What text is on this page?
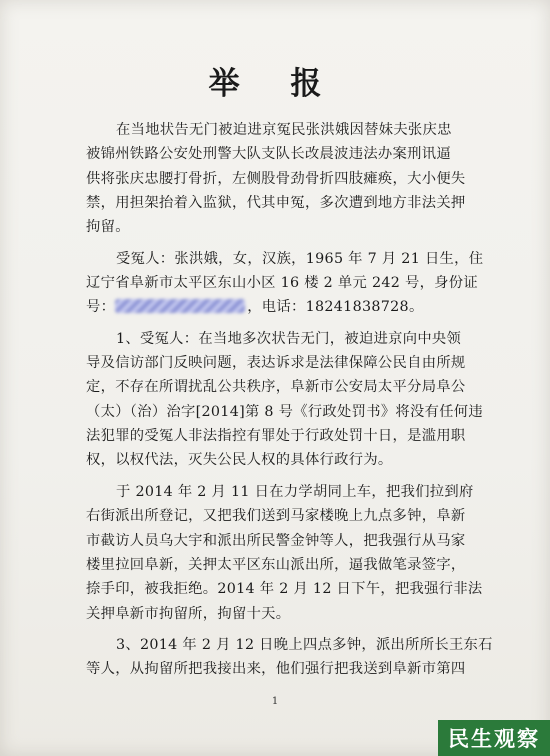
举 报
在当地状告无门被迫进京冤民张洪娥因替妹夫张庆忠
被锦州铁路公安处刑警大队支队长改晨波违法办案刑讯逼
供将张庆忠腰打骨折，左侧股骨劲骨折四肢瘫痪，大小便失
禁，用担架抬着入监狱，代其申冤，多次遭到地方非法关押
拘留。
受冤人：张洪娥，女，汉族，1965 年 7 月 21 日生，住
辽宁省阜新市太平区东山小区 16 楼 2 单元 242 号，身份证
号：	，电话：18241838728。
1、受冤人：在当地多次状告无门，被迫进京向中央领
导及信访部门反映问题，表达诉求是法律保障公民自由所规
定，不存在所谓扰乱公共秩序，阜新市公安局太平分局阜公
（太）（治）治字[2014]第 8 号《行政处罚书》将没有任何违
法犯罪的受冤人非法指控有罪处于行政处罚十日，是滥用职
权，以权代法，灭失公民人权的具体行政行为。
于 2014 年 2 月 11 日在力学胡同上车，把我们拉到府
右街派出所登记，又把我们送到马家楼晚上九点多钟，阜新
市截访人员乌大宇和派出所民警金钟等人，把我强行从马家
楼里拉回阜新，关押太平区东山派出所，逼我做笔录签字，
捺手印，被我拒绝。2014 年 2 月 12 日下午，把我强行非法
关押阜新市拘留所，拘留十天。
3、2014 年 2 月 12 日晚上四点多钟，派出所所长王东石
等人，从拘留所把我接出来，他们强行把我送到阜新市第四
1
民生观察
